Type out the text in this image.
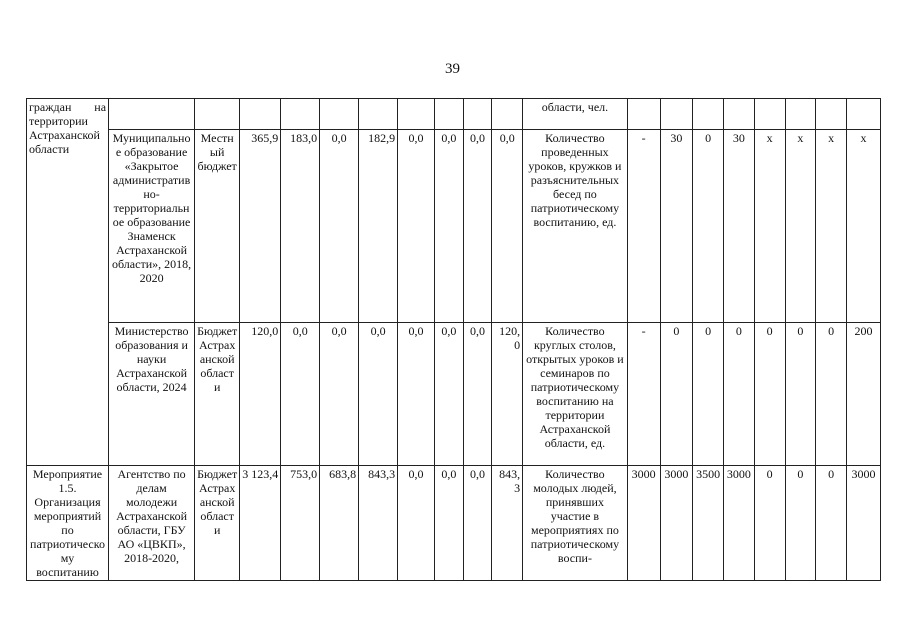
39
граждан на территории Астраханской области											области, чел.								
	Муниципальное образование «Закрытое административно-территориальное образование Знаменск Астраханской области», 2018, 2020	Местный бюджет	365,9	183,0	0,0	182,9	0,0	0,0	0,0	0,0	Количество проведенных уроков, кружков и разъяснительных бесед по патриотическому воспитанию, ед.	-	30	0	30	х	х	х	х
	Министерство образования и науки Астраханской области, 2024	Бюджет Астраханской области	120,0	0,0	0,0	0,0	0,0	0,0	0,0	120,0	Количество круглых столов, открытых уроков и семинаров по патриотическому воспитанию на территории Астраханской области, ед.	-	0	0	0	0	0	0	200
Мероприятие 1.5. Организация мероприятий по патриотическому воспитанию	Агентство по делам молодежи Астраханской области, ГБУ АО «ЦВКП», 2018-2020,	Бюджет Астраханской области	3 123,4	753,0	683,8	843,3	0,0	0,0	0,0	843,3	Количество молодых людей, принявших участие в мероприятиях по патриотическому воспи-	3000	3000	3500	3000	0	0	0	3000
